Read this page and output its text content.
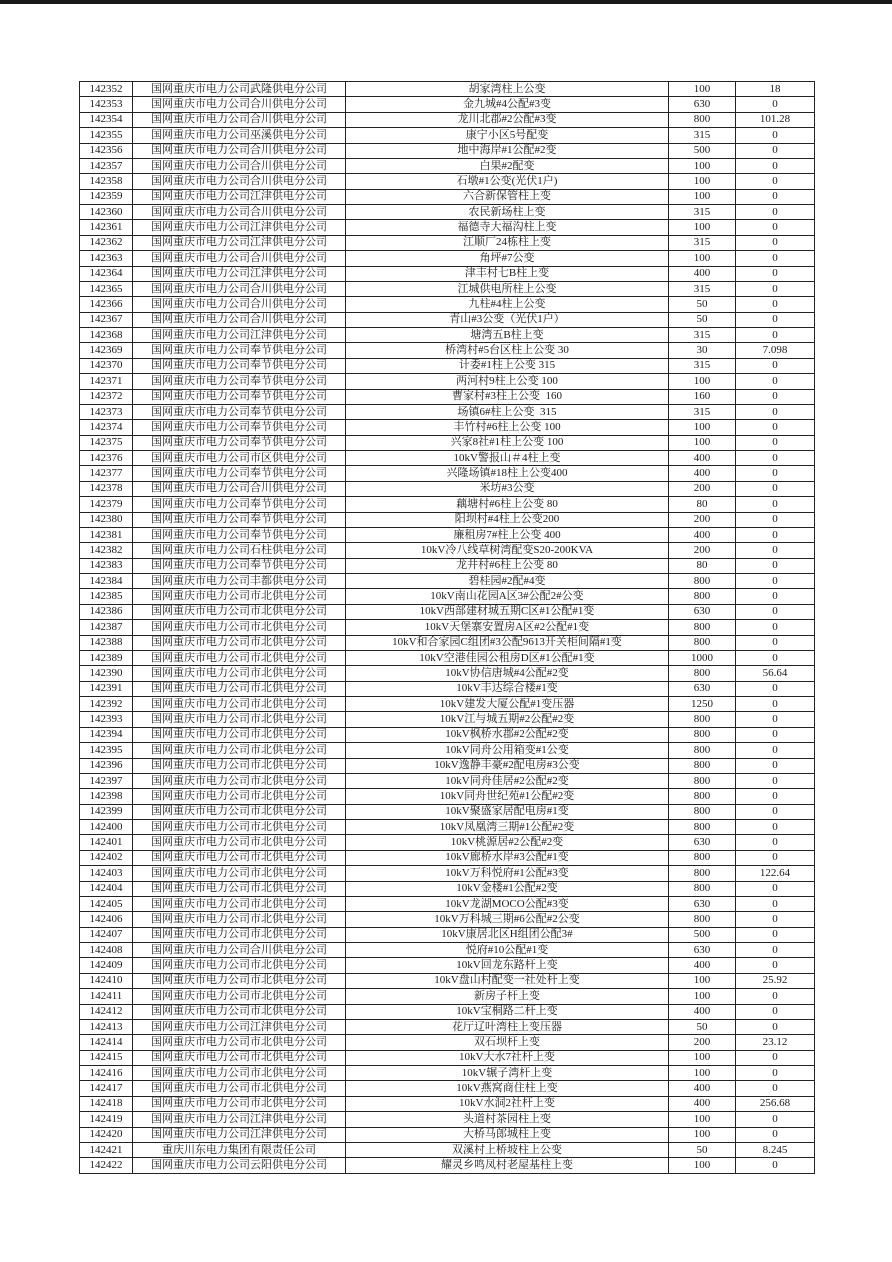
142352	国网重庆市电力公司武隆供电分公司	胡家湾柱上公变	100	18
142353	国网重庆市电力公司合川供电分公司	金九城#4公配#3变	630	0
142354	国网重庆市电力公司合川供电分公司	龙川北郡#2公配#3变	800	101.28
142355	国网重庆市电力公司巫溪供电分公司	康宁小区5号配变	315	0
142356	国网重庆市电力公司合川供电分公司	地中海岸#1公配#2变	500	0
142357	国网重庆市电力公司合川供电分公司	白果#2配变	100	0
142358	国网重庆市电力公司合川供电分公司	石墩#1公变(光伏1户)	100	0
142359	国网重庆市电力公司江津供电分公司	六合新保管柱上变	100	0
142360	国网重庆市电力公司合川供电分公司	农民新场柱上变	315	0
142361	国网重庆市电力公司江津供电分公司	福德寺大福沟柱上变	100	0
142362	国网重庆市电力公司江津供电分公司	江顺厂24栋柱上变	315	0
142363	国网重庆市电力公司合川供电分公司	角坪#7公变	100	0
142364	国网重庆市电力公司江津供电分公司	津丰村七B柱上变	400	0
142365	国网重庆市电力公司合川供电分公司	江城供电所柱上公变	315	0
142366	国网重庆市电力公司合川供电分公司	九柱#4柱上公变	50	0
142367	国网重庆市电力公司合川供电分公司	青山#3公变（光伏1户）	50	0
142368	国网重庆市电力公司江津供电分公司	塘湾五B柱上变	315	0
142369	国网重庆市电力公司奉节供电分公司	桥湾村#5台区柱上公变 30	30	7.098
142370	国网重庆市电力公司奉节供电分公司	计委#1柱上公变 315	315	0
142371	国网重庆市电力公司奉节供电分公司	两河村9柱上公变 100	100	0
142372	国网重庆市电力公司奉节供电分公司	曹家村#3柱上公变  160	160	0
142373	国网重庆市电力公司奉节供电分公司	场镇6#柱上公变  315	315	0
142374	国网重庆市电力公司奉节供电分公司	丰竹村#6柱上公变 100	100	0
142375	国网重庆市电力公司奉节供电分公司	兴家8社#1柱上公变 100	100	0
142376	国网重庆市电力公司市区供电分公司	10kV警报山＃4柱上变	400	0
142377	国网重庆市电力公司奉节供电分公司	兴隆场镇#18柱上公变400	400	0
142378	国网重庆市电力公司合川供电分公司	米坊#3公变	200	0
142379	国网重庆市电力公司奉节供电分公司	藕塘村#6柱上公变 80	80	0
142380	国网重庆市电力公司奉节供电分公司	阳坝村#4柱上公变200	200	0
142381	国网重庆市电力公司奉节供电分公司	廉租房7#柱上公变 400	400	0
142382	国网重庆市电力公司石柱供电分公司	10kV冷八线草树湾配变S20-200KVA	200	0
142383	国网重庆市电力公司奉节供电分公司	龙井村#6柱上公变 80	80	0
142384	国网重庆市电力公司丰都供电分公司	碧桂园#2配#4变	800	0
142385	国网重庆市电力公司市北供电分公司	10kV南山花园A区3#公配2#公变	800	0
142386	国网重庆市电力公司市北供电分公司	10kV西部建材城五期C区#1公配#1变	630	0
142387	国网重庆市电力公司市北供电分公司	10kV天堡寨安置房A区#2公配#1变	800	0
142388	国网重庆市电力公司市北供电分公司	10kV和合家园C组团#3公配9613开关柜间隔#1变	800	0
142389	国网重庆市电力公司市北供电分公司	10kV空港佳园公租房D区#1公配#1变	1000	0
142390	国网重庆市电力公司市北供电分公司	10kV协信唐城#4公配#2变	800	56.64
142391	国网重庆市电力公司市北供电分公司	10kV丰达综合楼#1变	630	0
142392	国网重庆市电力公司市北供电分公司	10kV建发大厦公配#1变压器	1250	0
142393	国网重庆市电力公司市北供电分公司	10kV江与城五期#2公配#2变	800	0
142394	国网重庆市电力公司市北供电分公司	10kV枫桥水郡#2公配#2变	800	0
142395	国网重庆市电力公司市北供电分公司	10kV同舟公用箱变#1公变	800	0
142396	国网重庆市电力公司市北供电分公司	10kV逸静丰豪#2配电房#3公变	800	0
142397	国网重庆市电力公司市北供电分公司	10kV同舟佳居#2公配#2变	800	0
142398	国网重庆市电力公司市北供电分公司	10kV同舟世纪苑#1公配#2变	800	0
142399	国网重庆市电力公司市北供电分公司	10kV聚盛家居配电房#1变	800	0
142400	国网重庆市电力公司市北供电分公司	10kV凤凰湾三期#1公配#2变	800	0
142401	国网重庆市电力公司市北供电分公司	10kV桃源居#2公配#2变	630	0
142402	国网重庆市电力公司市北供电分公司	10kV廊桥水岸#3公配#1变	800	0
142403	国网重庆市电力公司市北供电分公司	10kV万科悦府#1公配#3变	800	122.64
142404	国网重庆市电力公司市北供电分公司	10kV金楼#1公配#2变	800	0
142405	国网重庆市电力公司市北供电分公司	10kV龙湖MOCO公配#3变	630	0
142406	国网重庆市电力公司市北供电分公司	10kV万科城三期#6公配#2公变	800	0
142407	国网重庆市电力公司市北供电分公司	10kV康居北区H组团公配3#	500	0
142408	国网重庆市电力公司合川供电分公司	悦府#10公配#1变	630	0
142409	国网重庆市电力公司市北供电分公司	10kV回龙东路杆上变	400	0
142410	国网重庆市电力公司市北供电分公司	10kV盘山村配变一社处杆上变	100	25.92
142411	国网重庆市电力公司市北供电分公司	新房子杆上变	100	0
142412	国网重庆市电力公司市北供电分公司	10kV宝桐路二杆上变	400	0
142413	国网重庆市电力公司江津供电分公司	花厅辽叶湾柱上变压器	50	0
142414	国网重庆市电力公司市北供电分公司	双石坝杆上变	200	23.12
142415	国网重庆市电力公司市北供电分公司	10kV大水7社杆上变	100	0
142416	国网重庆市电力公司市北供电分公司	10kV辗子湾杆上变	100	0
142417	国网重庆市电力公司市北供电分公司	10kV燕窝商住柱上变	400	0
142418	国网重庆市电力公司市北供电分公司	10kV水洞2社杆上变	400	256.68
142419	国网重庆市电力公司江津供电分公司	头道村茶园柱上变	100	0
142420	国网重庆市电力公司江津供电分公司	大桥马郎城柱上变	100	0
142421	重庆川东电力集团有限责任公司	双溪村上桥坡柱上公变	50	8.245
142422	国网重庆市电力公司云阳供电分公司	耀灵乡鸣凤村老屋基柱上变	100	0
